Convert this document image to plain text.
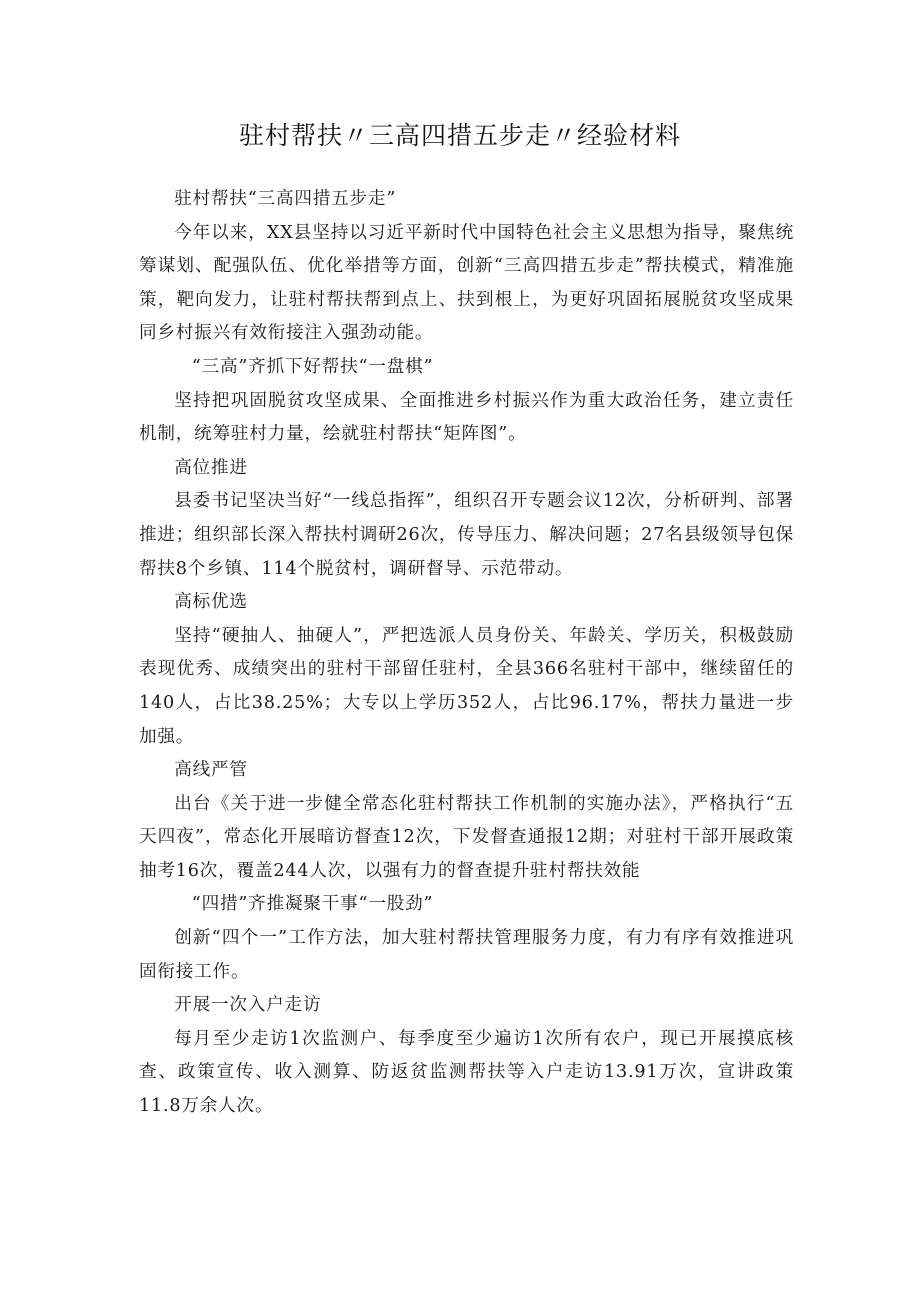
驻村帮扶〃三高四措五步走〃经验材料

驻村帮扶“三高四措五步走”

今年以来，XX县坚持以习近平新时代中国特色社会主义思想为指导，聚焦统筹谋划、配强队伍、优化举措等方面，创新“三高四措五步走”帮扶模式，精准施策，靶向发力，让驻村帮扶帮到点上、扶到根上，为更好巩固拓展脱贫攻坚成果同乡村振兴有效衔接注入强劲动能。

“三高”齐抓下好帮扶“一盘棋”

坚持把巩固脱贫攻坚成果、全面推进乡村振兴作为重大政治任务，建立责任机制，统筹驻村力量，绘就驻村帮扶“矩阵图”。

高位推进

县委书记坚决当好“一线总指挥”，组织召开专题会议12次，分析研判、部署推进；组织部长深入帮扶村调研26次，传导压力、解决问题；27名县级领导包保帮扶8个乡镇、114个脱贫村，调研督导、示范带动。

高标优选

坚持“硬抽人、抽硬人”，严把选派人员身份关、年龄关、学历关，积极鼓励表现优秀、成绩突出的驻村干部留任驻村，全县366名驻村干部中，继续留任的140人，占比38.25%；大专以上学历352人，占比96.17%，帮扶力量进一步加强。

高线严管

出台《关于进一步健全常态化驻村帮扶工作机制的实施办法》，严格执行“五天四夜”，常态化开展暗访督查12次，下发督查通报12期；对驻村干部开展政策抽考16次，覆盖244人次，以强有力的督查提升驻村帮扶效能

“四措”齐推凝聚干事“一股劲”

创新“四个一”工作方法，加大驻村帮扶管理服务力度，有力有序有效推进巩固衔接工作。

开展一次入户走访

每月至少走访1次监测户、每季度至少遍访1次所有农户，现已开展摸底核查、政策宣传、收入测算、防返贫监测帮扶等入户走访13.91万次，宣讲政策11.8万余人次。
